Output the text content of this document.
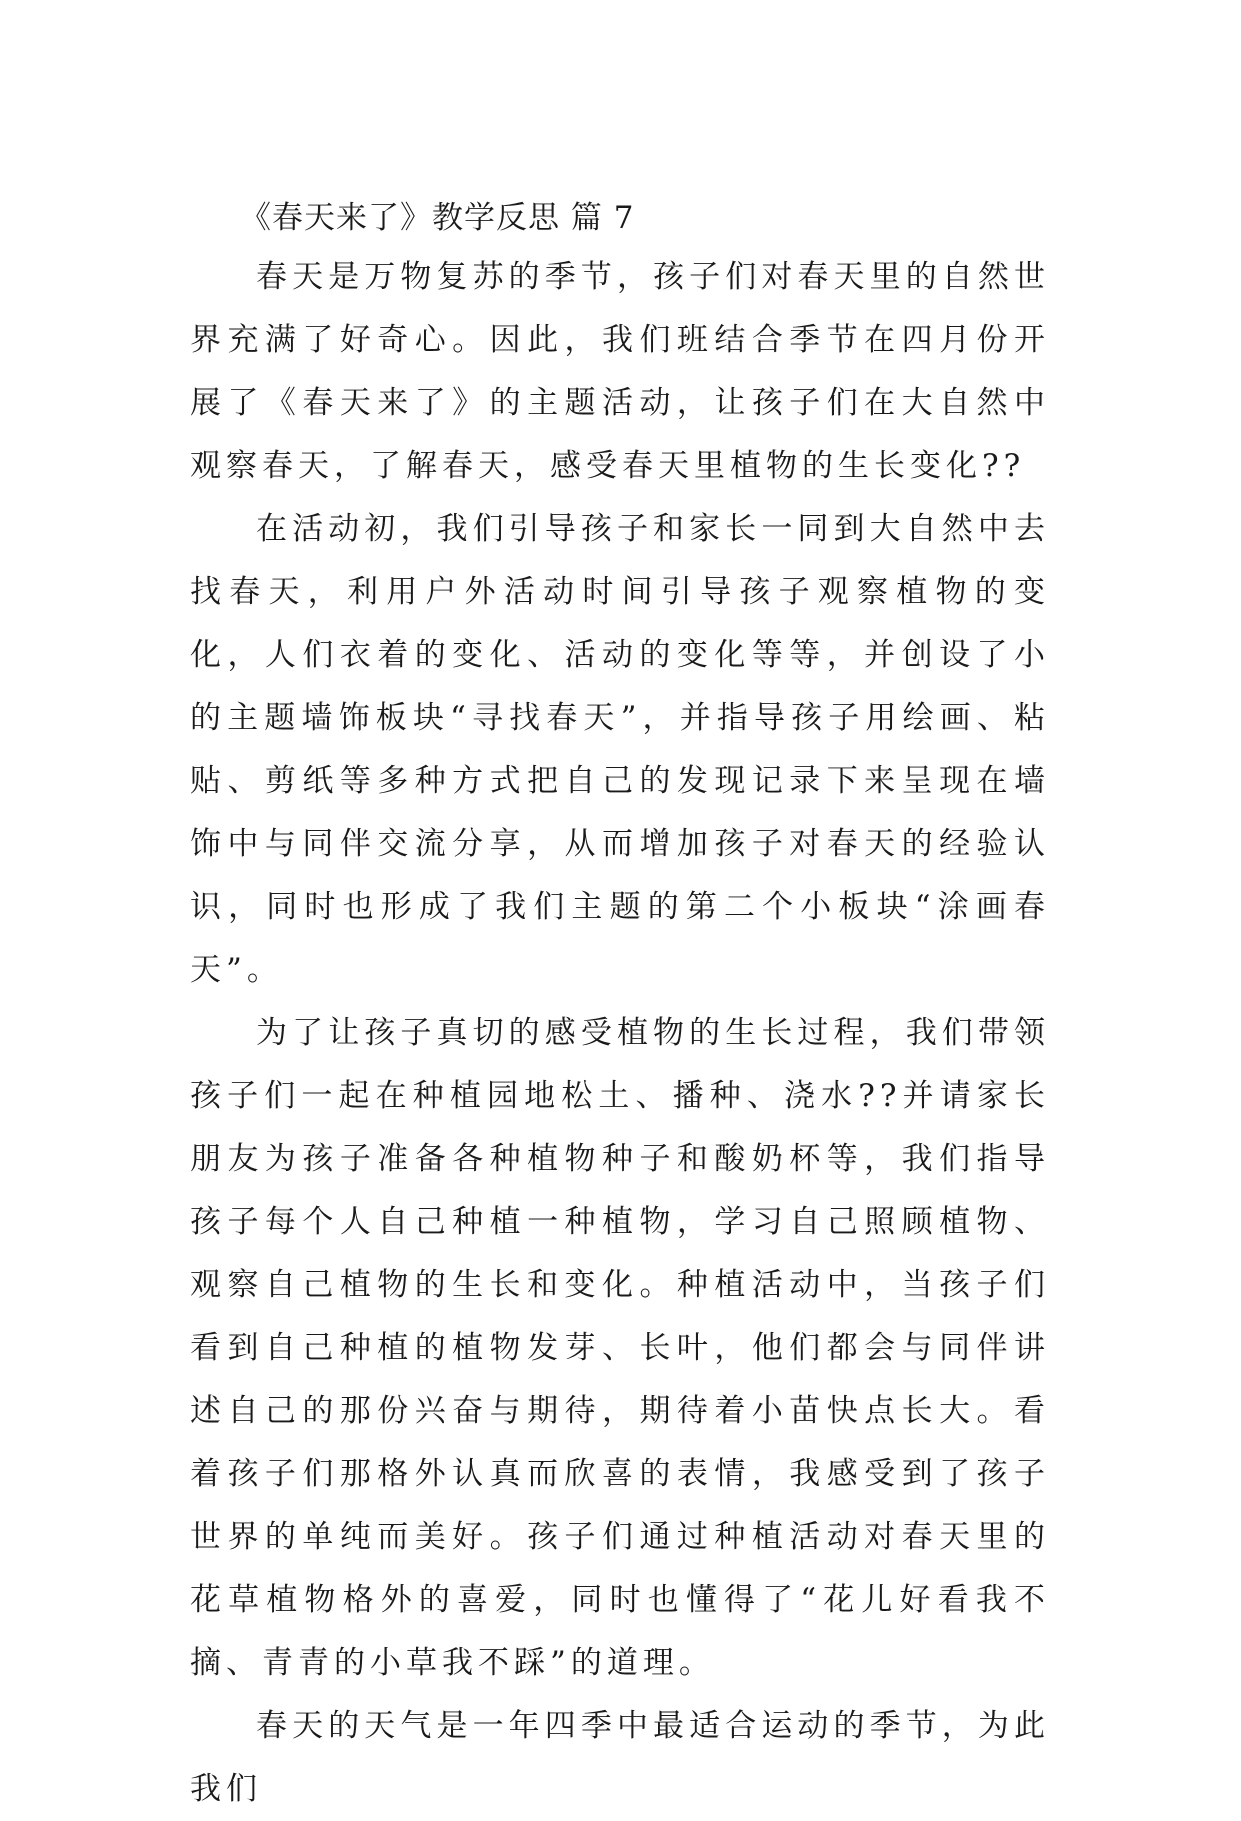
《春天来了》教学反思 篇 7

春天是万物复苏的季节，孩子们对春天里的自然世界充满了好奇心。因此，我们班结合季节在四月份开展了《春天来了》的主题活动，让孩子们在大自然中观察春天，了解春天，感受春天里植物的生长变化??

在活动初，我们引导孩子和家长一同到大自然中去找春天，利用户外活动时间引导孩子观察植物的变化，人们衣着的变化、活动的变化等等，并创设了小的主题墙饰板块“寻找春天”，并指导孩子用绘画、粘贴、剪纸等多种方式把自己的发现记录下来呈现在墙饰中与同伴交流分享，从而增加孩子对春天的经验认识，同时也形成了我们主题的第二个小板块“涂画春天”。

为了让孩子真切的感受植物的生长过程，我们带领孩子们一起在种植园地松土、播种、浇水??并请家长朋友为孩子准备各种植物种子和酸奶杯等，我们指导孩子每个人自己种植一种植物，学习自己照顾植物、观察自己植物的生长和变化。种植活动中，当孩子们看到自己种植的植物发芽、长叶，他们都会与同伴讲述自己的那份兴奋与期待，期待着小苗快点长大。看着孩子们那格外认真而欣喜的表情，我感受到了孩子世界的单纯而美好。孩子们通过种植活动对春天里的花草植物格外的喜爱，同时也懂得了“花儿好看我不摘、青青的小草我不踩”的道理。

春天的天气是一年四季中最适合运动的季节，为此我们
